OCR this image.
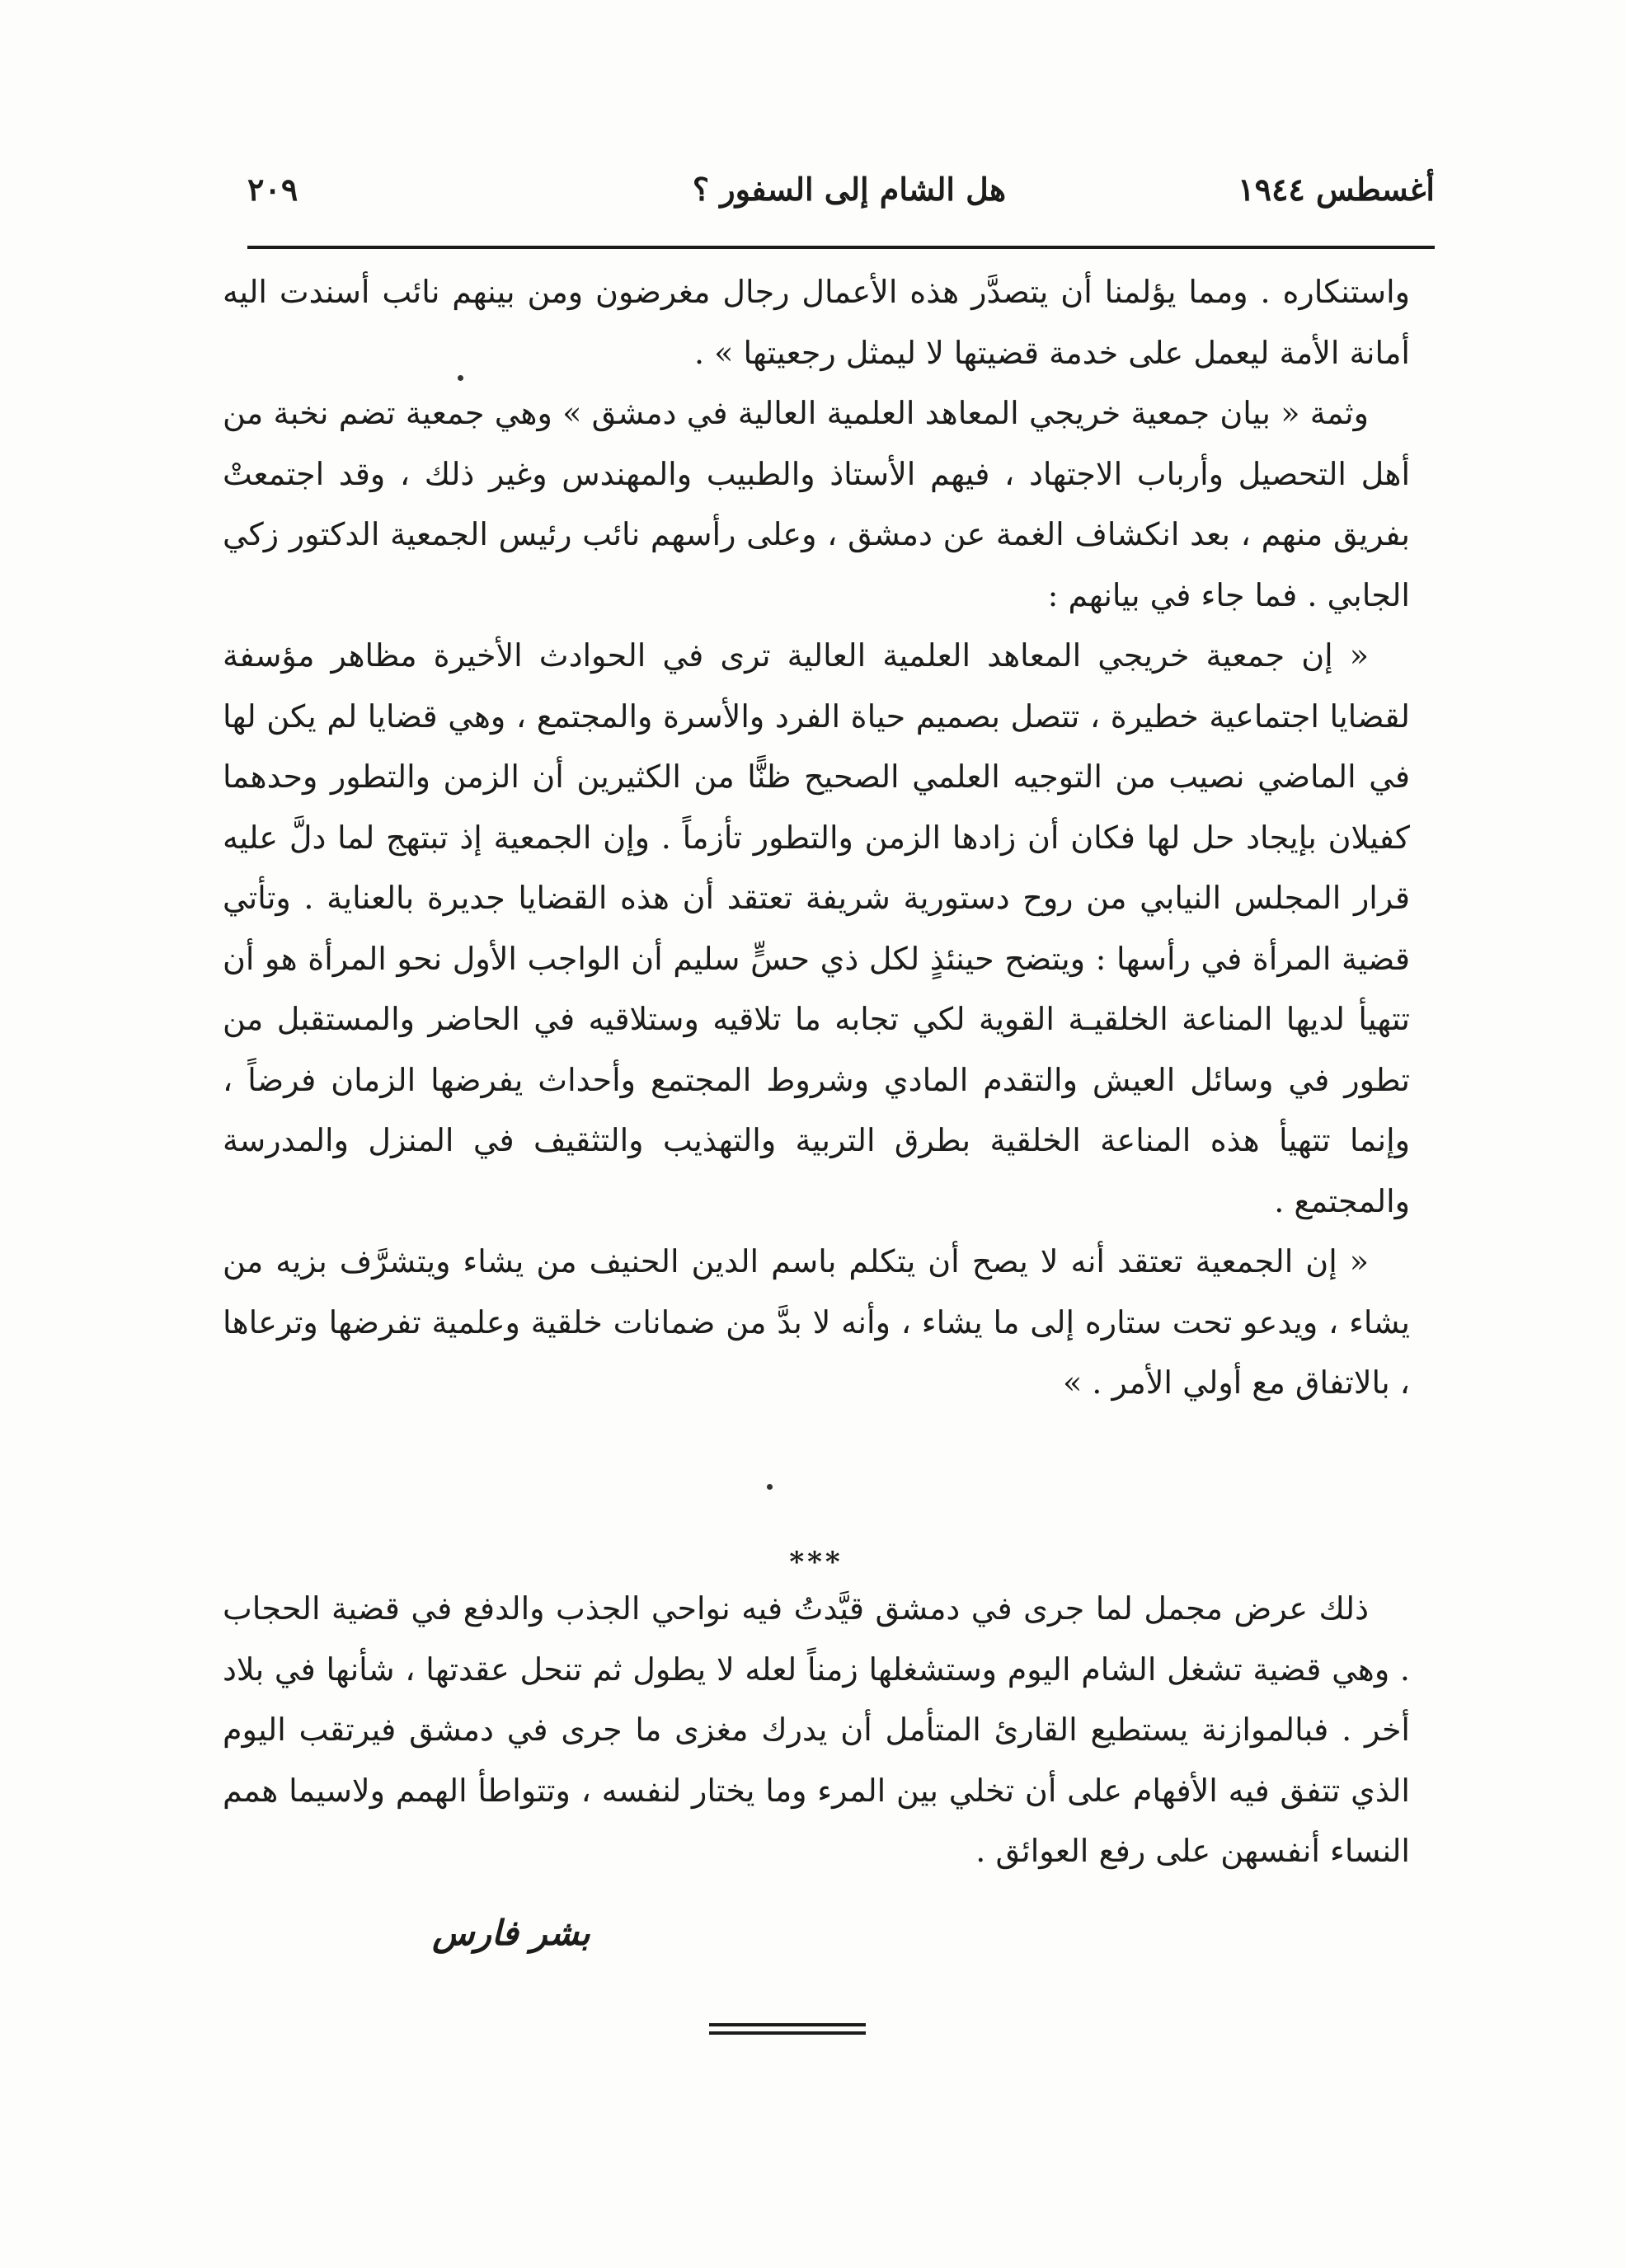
أغسطس ١٩٤٤
هل الشام إلى السفور ؟
٢٠٩

واستنكاره . ومما يؤلمنا أن يتصدَّر هذه الأعمال رجال مغرضون ومن بينهم نائب أسندت اليه أمانة الأمة ليعمل على خدمة قضيتها لا ليمثل رجعيتها » .

وثمة « بيان جمعية خريجي المعاهد العلمية العالية في دمشق » وهي جمعية تضم نخبة من أهل التحصيل وأرباب الاجتهاد ، فيهم الأستاذ والطبيب والمهندس وغير ذلك ، وقد اجتمعتْ بفريق منهم ، بعد انكشاف الغمة عن دمشق ، وعلى رأسهم نائب رئيس الجمعية الدكتور زكي الجابي . فما جاء في بيانهم :

« إن جمعية خريجي المعاهد العلمية العالية ترى في الحوادث الأخيرة مظاهر مؤسفة لقضايا اجتماعية خطيرة ، تتصل بصميم حياة الفرد والأسرة والمجتمع ، وهي قضايا لم يكن لها في الماضي نصيب من التوجيه العلمي الصحيح ظنًّا من الكثيرين أن الزمن والتطور وحدهما كفيلان بإيجاد حل لها فكان أن زادها الزمن والتطور تأزماً . وإن الجمعية إذ تبتهج لما دلَّ عليه قرار المجلس النيابي من روح دستورية شريفة تعتقد أن هذه القضايا جديرة بالعناية . وتأتي قضية المرأة في رأسها : ويتضح حينئذٍ لكل ذي حسٍّ سليم أن الواجب الأول نحو المرأة هو أن تتهيأ لديها المناعة الخلقيـة القوية لكي تجابه ما تلاقيه وستلاقيه في الحاضر والمستقبل من تطور في وسائل العيش والتقدم المادي وشروط المجتمع وأحداث يفرضها الزمان فرضاً ، وإنما تتهيأ هذه المناعة الخلقية بطرق التربية والتهذيب والتثقيف في المنزل والمدرسة والمجتمع .

« إن الجمعية تعتقد أنه لا يصح أن يتكلم باسم الدين الحنيف من يشاء ويتشرَّف بزيه من يشاء ، ويدعو تحت ستاره إلى ما يشاء ، وأنه لا بدَّ من ضمانات خلقية وعلمية تفرضها وترعاها ، بالاتفاق مع أولي الأمر . »

***

ذلك عرض مجمل لما جرى في دمشق قيَّدتُ فيه نواحي الجذب والدفع في قضية الحجاب . وهي قضية تشغل الشام اليوم وستشغلها زمناً لعله لا يطول ثم تنحل عقدتها ، شأنها في بلاد أخر . فبالموازنة يستطيع القارئ المتأمل أن يدرك مغزى ما جرى في دمشق فيرتقب اليوم الذي تتفق فيه الأفهام على أن تخلي بين المرء وما يختار لنفسه ، وتتواطأ الهمم ولاسيما همم النساء أنفسهن على رفع العوائق .

بشر فارس
